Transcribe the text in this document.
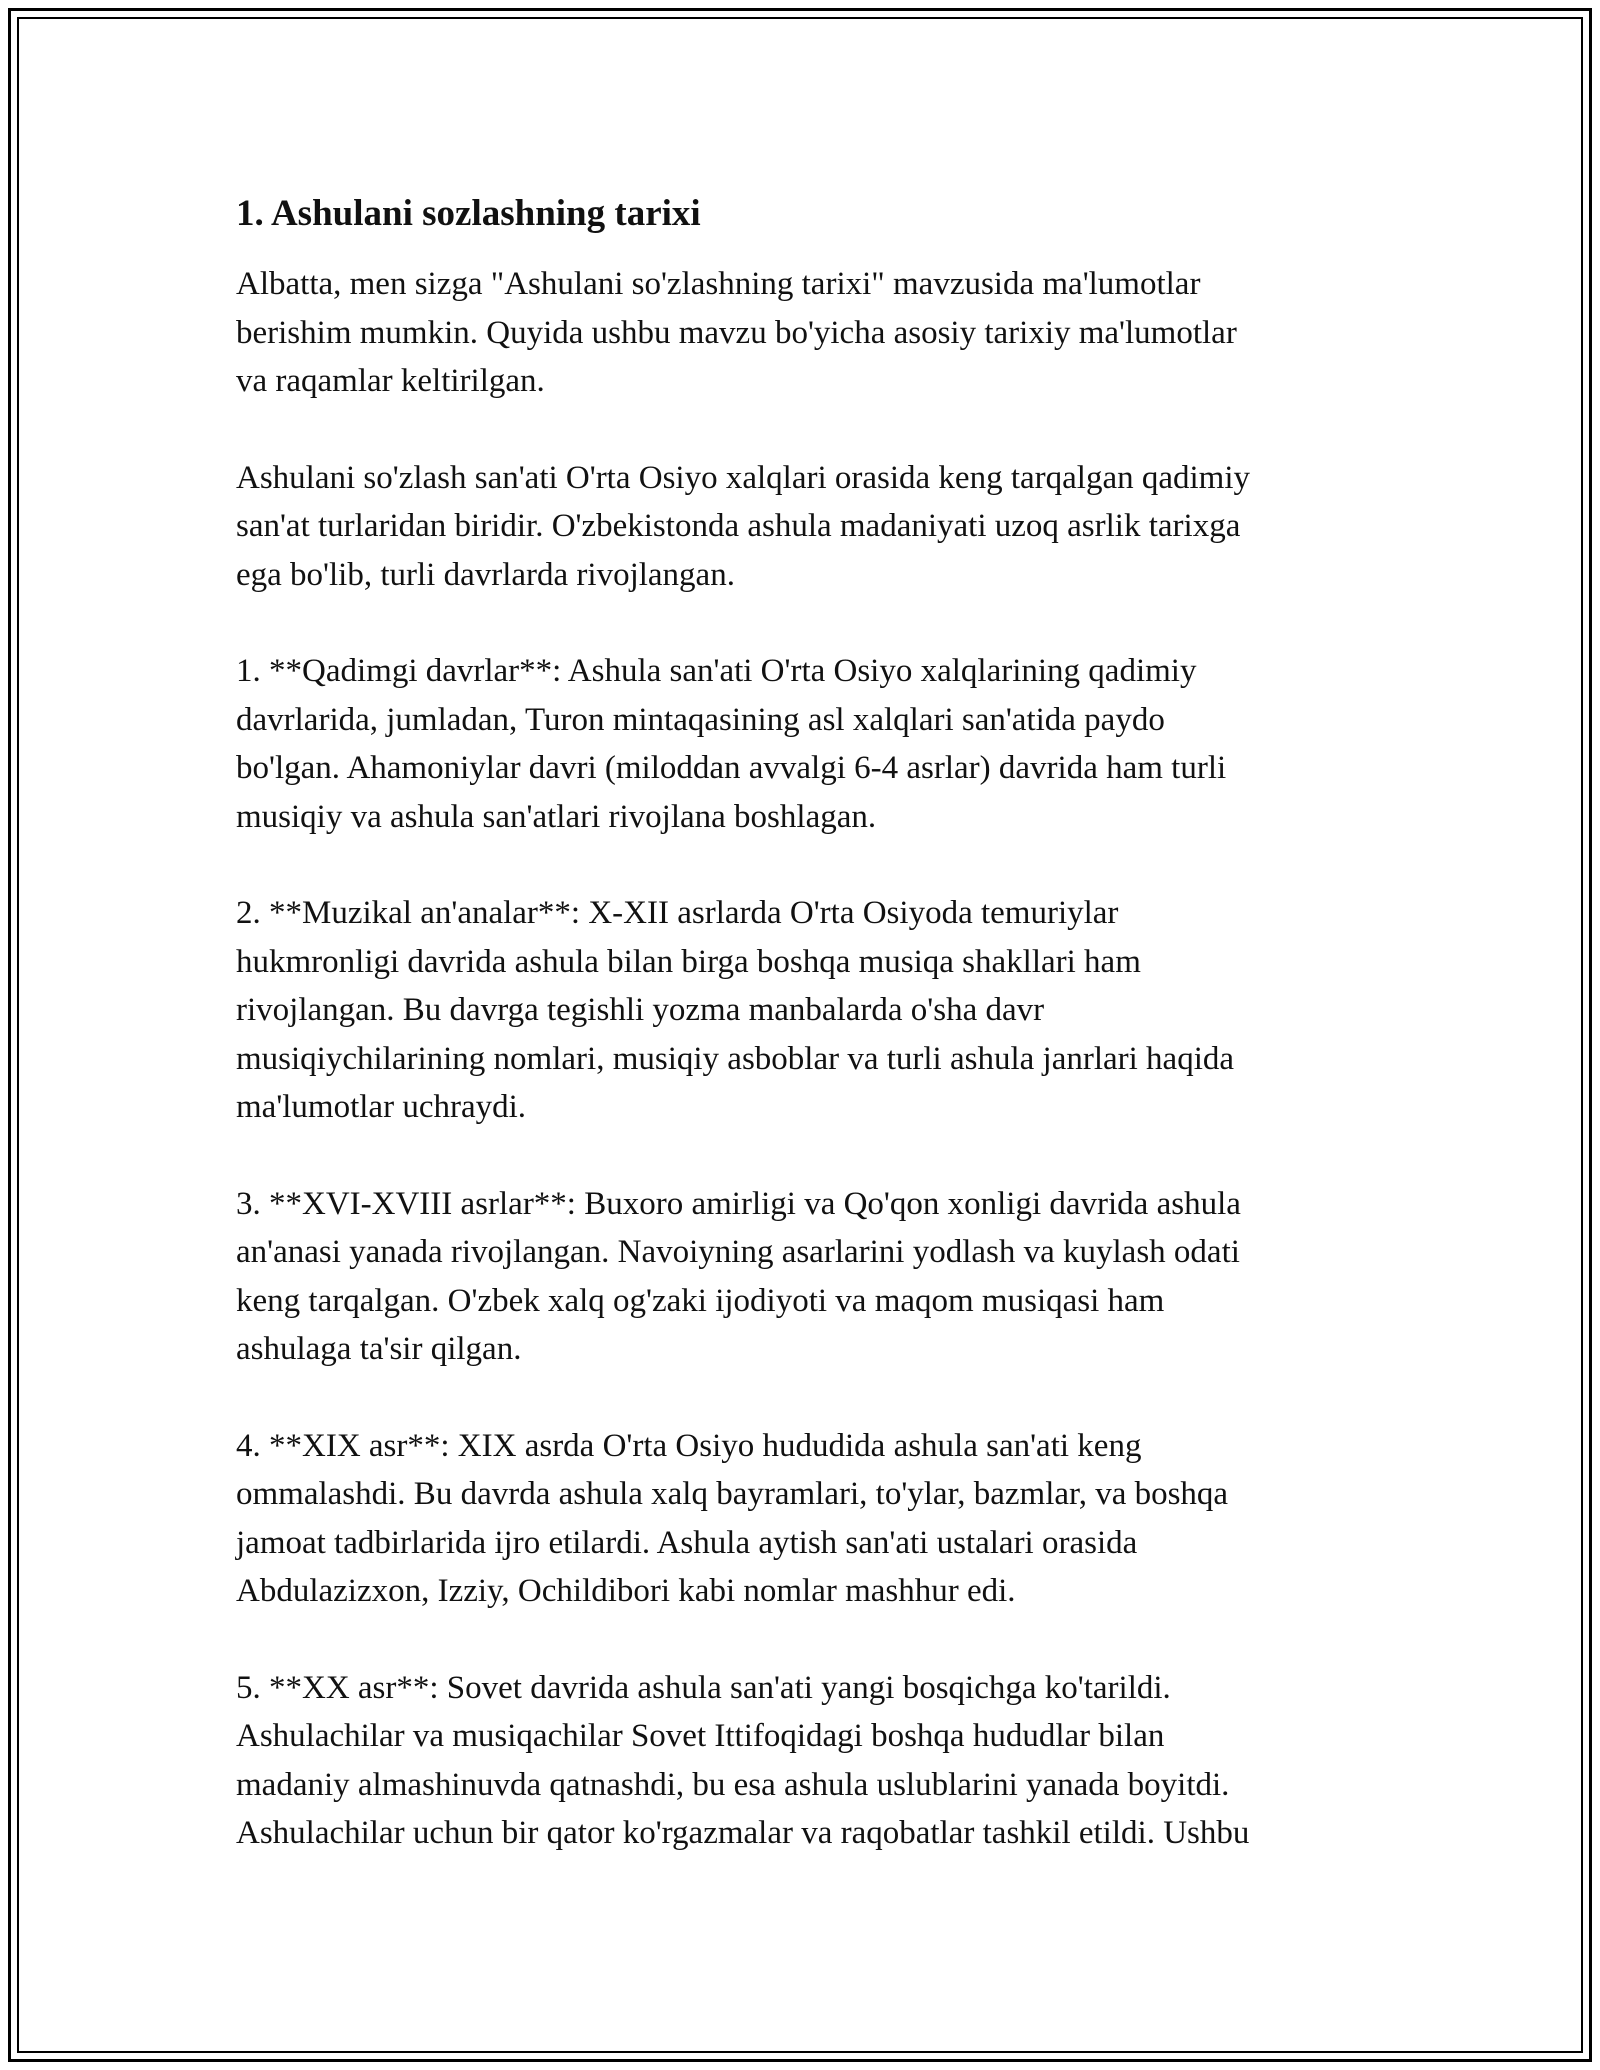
1. Ashulani sozlashning tarixi

Albatta, men sizga "Ashulani so'zlashning tarixi" mavzusida ma'lumotlar
berishim mumkin. Quyida ushbu mavzu bo'yicha asosiy tarixiy ma'lumotlar
va raqamlar keltirilgan.

Ashulani so'zlash san'ati O'rta Osiyo xalqlari orasida keng tarqalgan qadimiy
san'at turlaridan biridir. O'zbekistonda ashula madaniyati uzoq asrlik tarixga
ega bo'lib, turli davrlarda rivojlangan.

1. **Qadimgi davrlar**: Ashula san'ati O'rta Osiyo xalqlarining qadimiy
davrlarida, jumladan, Turon mintaqasining asl xalqlari san'atida paydo
bo'lgan. Ahamoniylar davri (miloddan avvalgi 6-4 asrlar) davrida ham turli
musiqiy va ashula san'atlari rivojlana boshlagan.

2. **Muzikal an'analar**: X-XII asrlarda O'rta Osiyoda temuriylar
hukmronligi davrida ashula bilan birga boshqa musiqa shakllari ham
rivojlangan. Bu davrga tegishli yozma manbalarda o'sha davr
musiqiychilarining nomlari, musiqiy asboblar va turli ashula janrlari haqida
ma'lumotlar uchraydi.

3. **XVI-XVIII asrlar**: Buxoro amirligi va Qo'qon xonligi davrida ashula
an'anasi yanada rivojlangan. Navoiyning asarlarini yodlash va kuylash odati
keng tarqalgan. O'zbek xalq og'zaki ijodiyoti va maqom musiqasi ham
ashulaga ta'sir qilgan.

4. **XIX asr**: XIX asrda O'rta Osiyo hududida ashula san'ati keng
ommalashdi. Bu davrda ashula xalq bayramlari, to'ylar, bazmlar, va boshqa
jamoat tadbirlarida ijro etilardi. Ashula aytish san'ati ustalari orasida
Abdulazizxon, Izziy, Ochildibori kabi nomlar mashhur edi.

5. **XX asr**: Sovet davrida ashula san'ati yangi bosqichga ko'tarildi.
Ashulachilar va musiqachilar Sovet Ittifoqidagi boshqa hududlar bilan
madaniy almashinuvda qatnashdi, bu esa ashula uslublarini yanada boyitdi.
Ashulachilar uchun bir qator ko'rgazmalar va raqobatlar tashkil etildi. Ushbu
